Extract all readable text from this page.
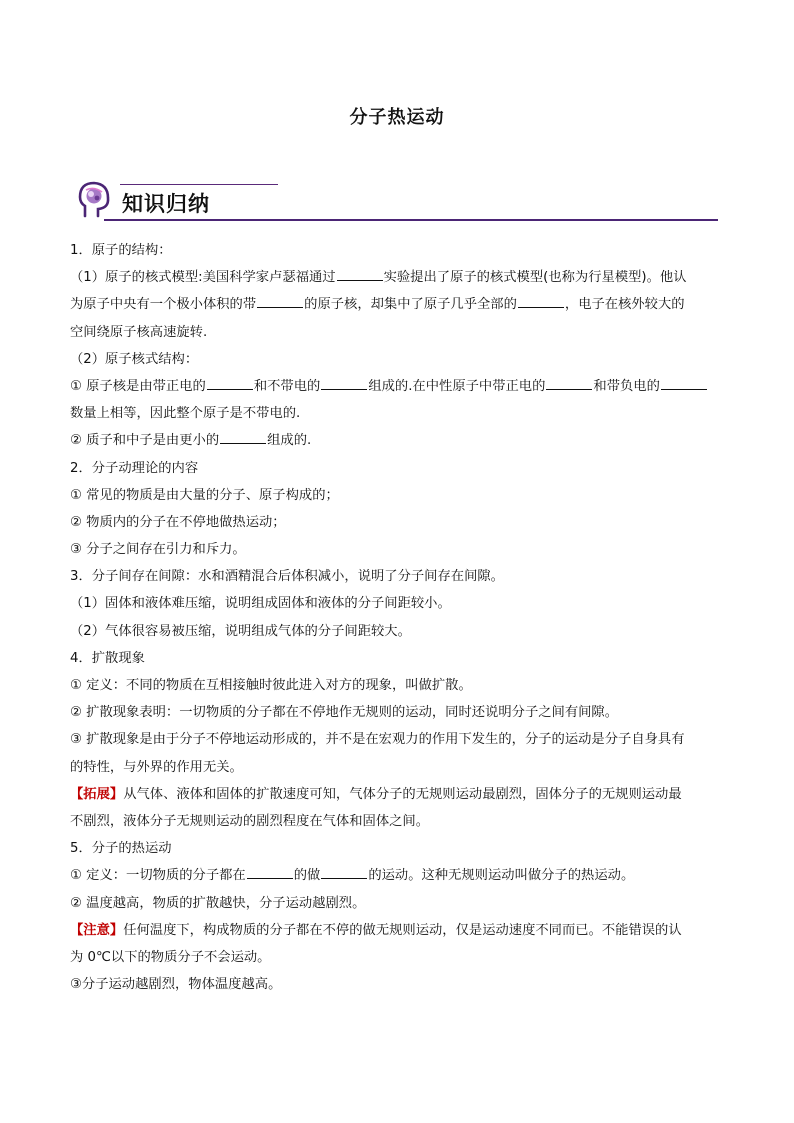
分子热运动
知识归纳
1．原子的结构：
（1）原子的核式模型:美国科学家卢瑟福通过	实验提出了原子的核式模型(也称为行星模型)。他认
为原子中央有一个极小体积的带	的原子核，却集中了原子几乎全部的	，电子在核外较大的
空间绕原子核高速旋转.
（2）原子核式结构：
① 原子核是由带正电的	和不带电的	组成的.在中性原子中带正电的	和带负电的
数量上相等，因此整个原子是不带电的.
② 质子和中子是由更小的	组成的.
2．分子动理论的内容
① 常见的物质是由大量的分子、原子构成的；
② 物质内的分子在不停地做热运动；
③ 分子之间存在引力和斥力。
3．分子间存在间隙：水和酒精混合后体积减小，说明了分子间存在间隙。
（1）固体和液体难压缩，说明组成固体和液体的分子间距较小。
（2）气体很容易被压缩，说明组成气体的分子间距较大。
4．扩散现象
① 定义：不同的物质在互相接触时彼此进入对方的现象，叫做扩散。
② 扩散现象表明：一切物质的分子都在不停地作无规则的运动，同时还说明分子之间有间隙。
③ 扩散现象是由于分子不停地运动形成的，并不是在宏观力的作用下发生的，分子的运动是分子自身具有
的特性，与外界的作用无关。
【拓展】从气体、液体和固体的扩散速度可知，气体分子的无规则运动最剧烈，固体分子的无规则运动最
不剧烈，液体分子无规则运动的剧烈程度在气体和固体之间。
5．分子的热运动
① 定义：一切物质的分子都在	的做	的运动。这种无规则运动叫做分子的热运动。
② 温度越高，物质的扩散越快，分子运动越剧烈。
【注意】任何温度下，构成物质的分子都在不停的做无规则运动，仅是运动速度不同而已。不能错误的认
为 0℃以下的物质分子不会运动。
③分子运动越剧烈，物体温度越高。
